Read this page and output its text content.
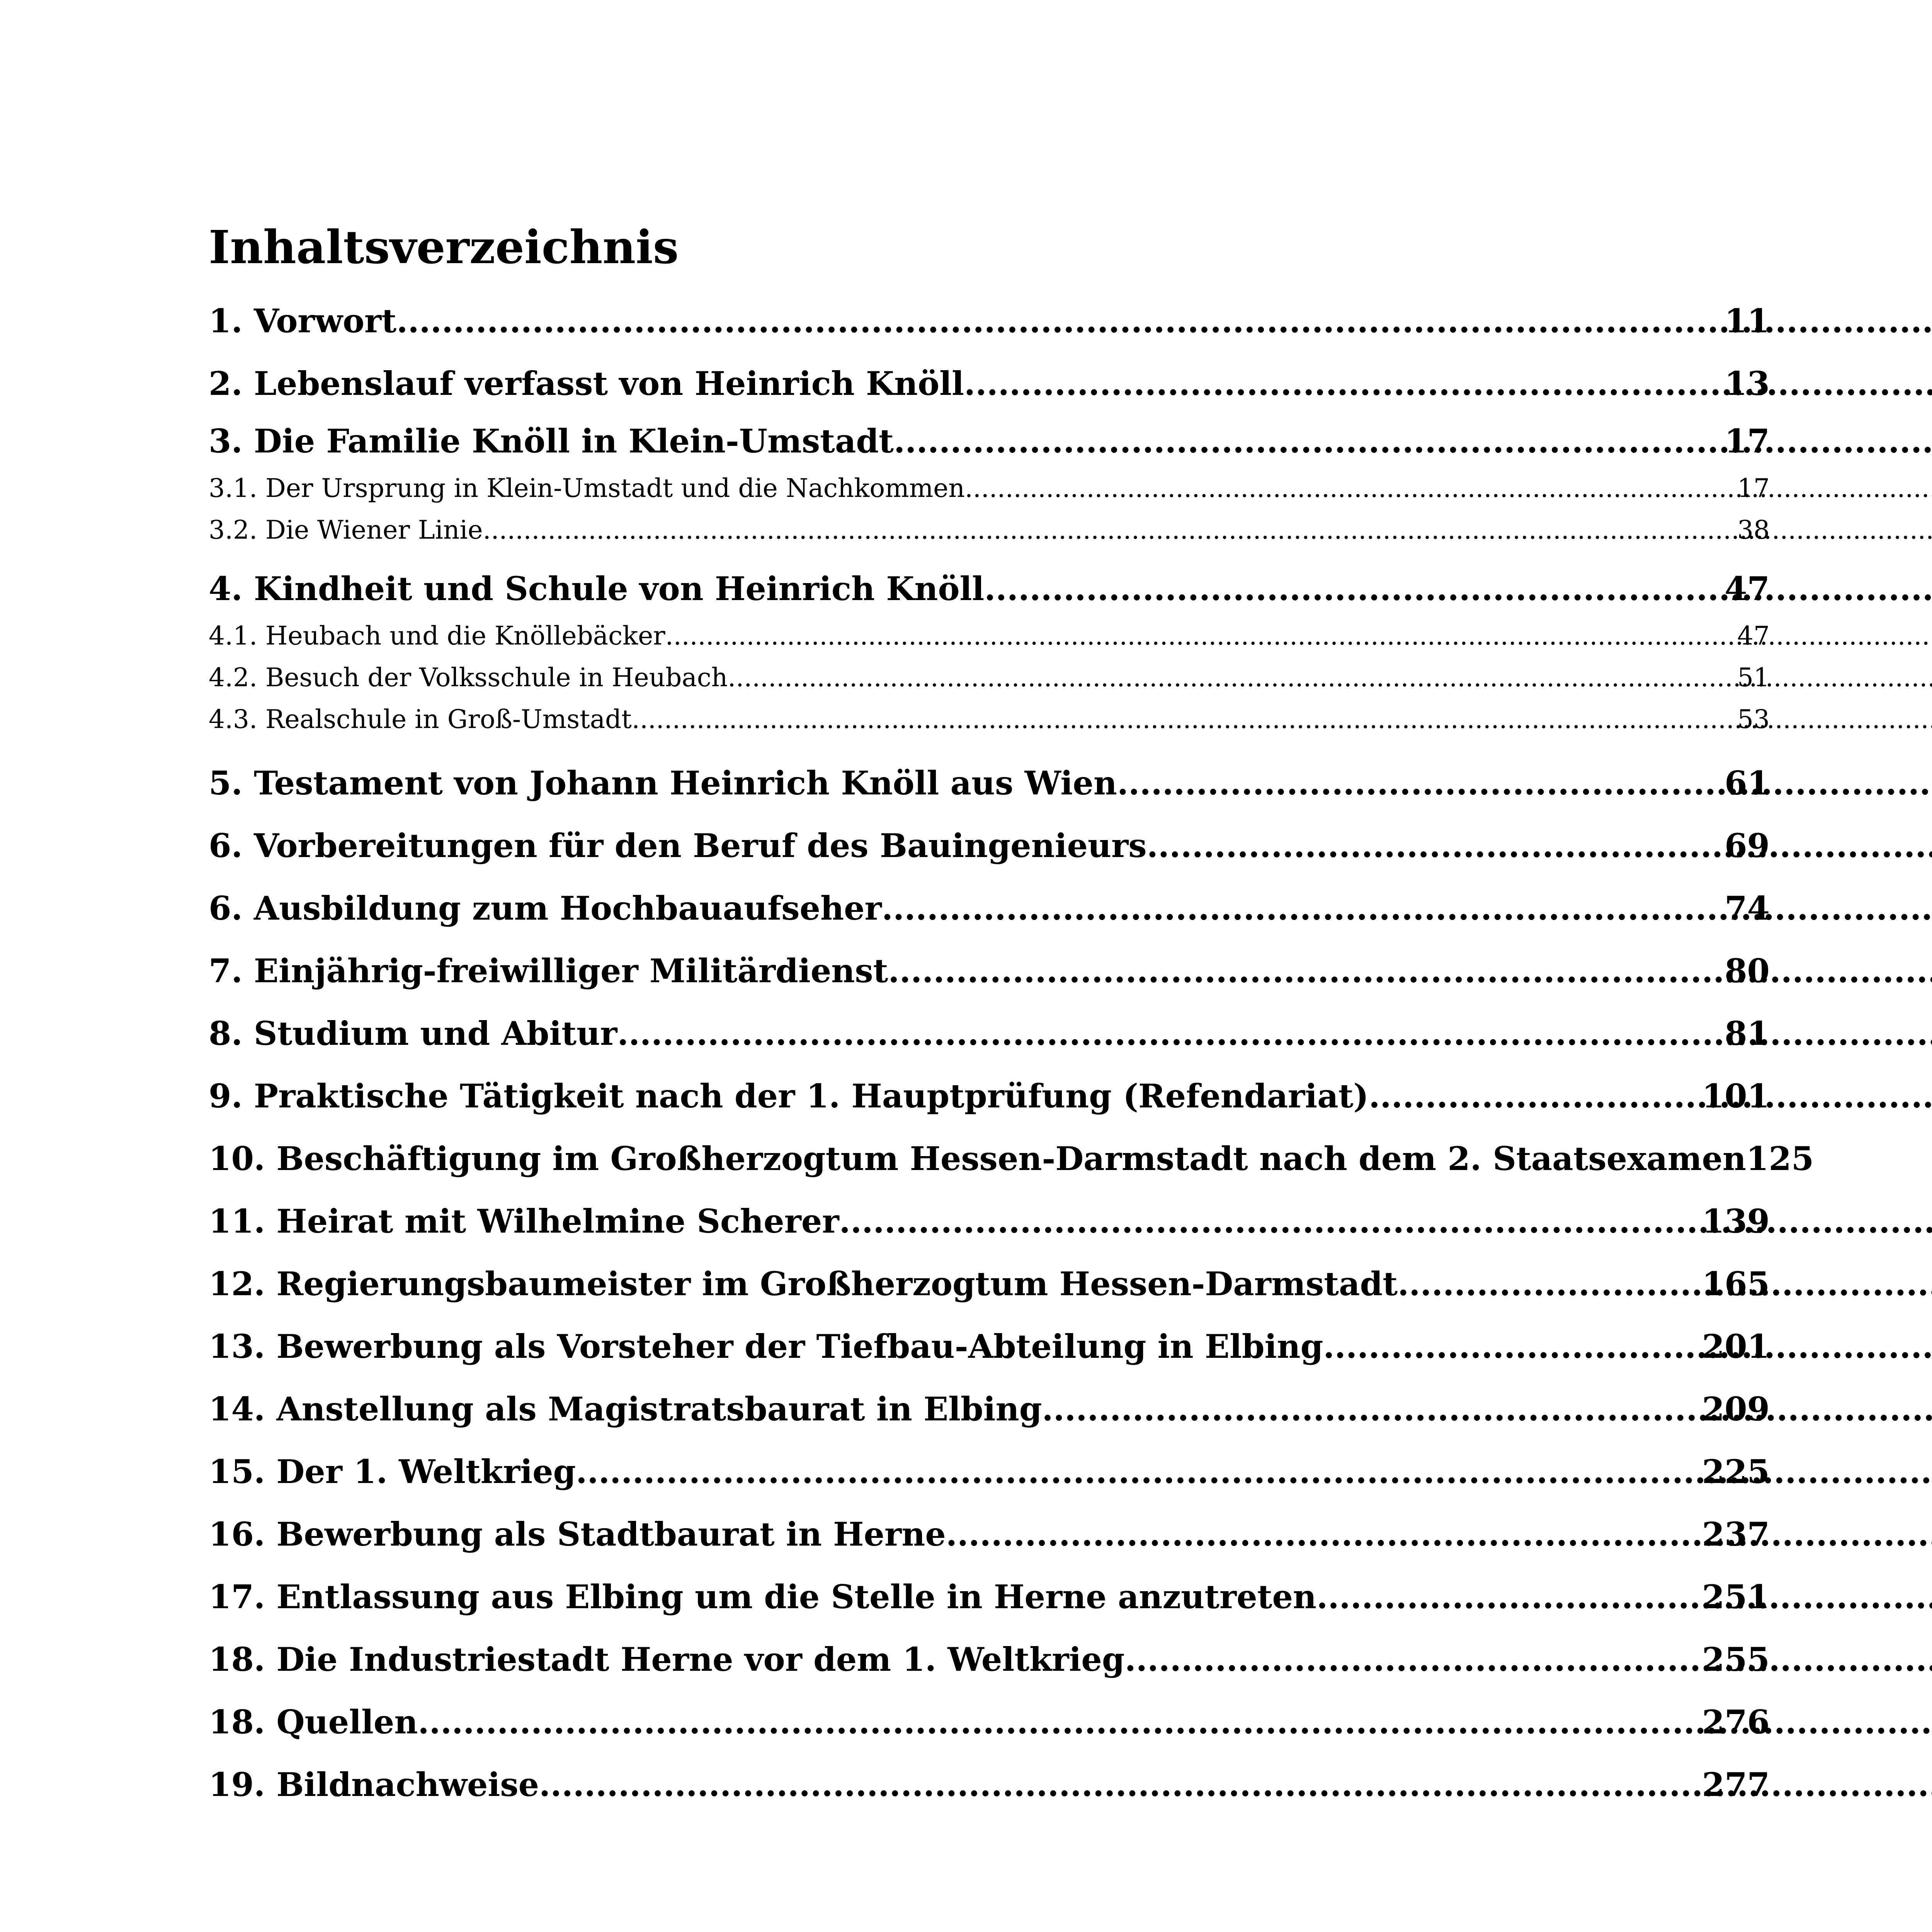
Inhaltsverzeichnis
1. Vorwort .....	11
2. Lebenslauf verfasst von Heinrich Knöll .....	13
3. Die Familie Knöll in Klein-Umstadt .....	17
3.1. Der Ursprung in Klein-Umstadt und die Nachkommen .....	17
3.2. Die Wiener Linie .....	38
4. Kindheit und Schule von Heinrich Knöll .....	47
4.1. Heubach und die Knöllebäcker .....	47
4.2. Besuch der Volksschule in Heubach .....	51
4.3. Realschule in Groß-Umstadt .....	53
5. Testament von Johann Heinrich Knöll aus Wien .....	61
6. Vorbereitungen für den Beruf des Bauingenieurs .....	69
6. Ausbildung zum Hochbauaufseher .....	74
7. Einjährig-freiwilliger Militärdienst .....	80
8. Studium und Abitur .....	81
9. Praktische Tätigkeit nach der 1. Hauptprüfung (Refendariat) .....	101
10. Beschäftigung im Großherzogtum Hessen-Darmstadt nach dem 2. Staatsexamen 125
11. Heirat mit Wilhelmine Scherer .....	139
12. Regierungsbaumeister im Großherzogtum Hessen-Darmstadt .....	165
13. Bewerbung als Vorsteher der Tiefbau-Abteilung in Elbing .....	201
14. Anstellung als Magistratsbaurat in Elbing .....	209
15. Der 1. Weltkrieg .....	225
16. Bewerbung als Stadtbaurat in Herne .....	237
17. Entlassung aus Elbing um die Stelle in Herne anzutreten .....	251
18. Die Industriestadt Herne vor dem 1. Weltkrieg .....	255
18. Quellen .....	276
19. Bildnachweise .....	277
